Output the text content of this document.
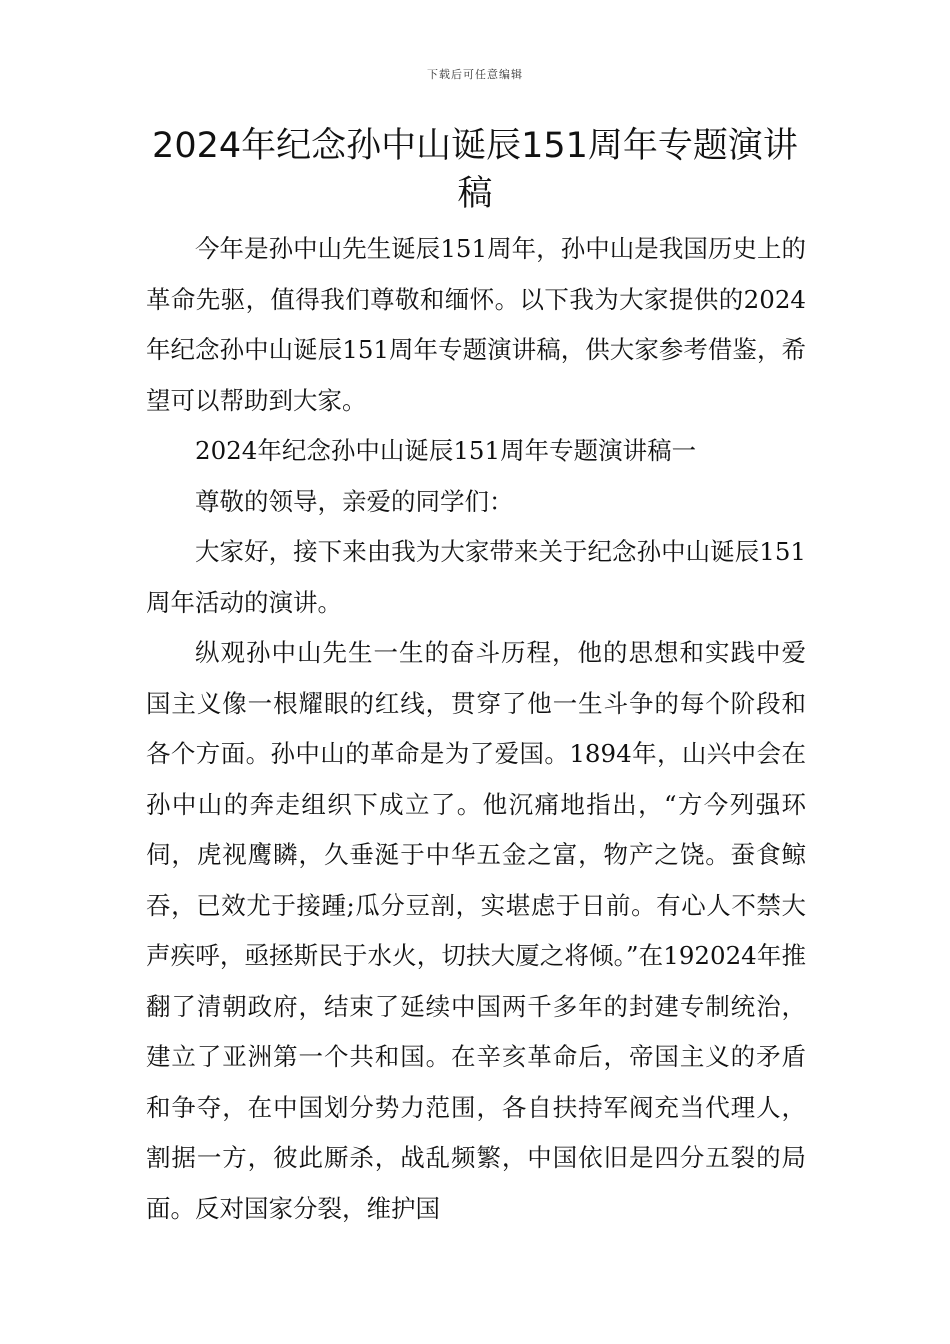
下载后可任意编辑
2024年纪念孙中山诞辰151周年专题演讲稿

今年是孙中山先生诞辰151周年，孙中山是我国历史上的革命先驱，值得我们尊敬和缅怀。以下我为大家提供的2024年纪念孙中山诞辰151周年专题演讲稿，供大家参考借鉴，希望可以帮助到大家。

2024年纪念孙中山诞辰151周年专题演讲稿一

尊敬的领导，亲爱的同学们：

大家好，接下来由我为大家带来关于纪念孙中山诞辰151周年活动的演讲。

纵观孙中山先生一生的奋斗历程，他的思想和实践中爱国主义像一根耀眼的红线，贯穿了他一生斗争的每个阶段和各个方面。孙中山的革命是为了爱国。1894年，山兴中会在孙中山的奔走组织下成立了。他沉痛地指出，“方今列强环伺，虎视鹰瞵，久垂涎于中华五金之富，物产之饶。蚕食鲸吞，已效尤于接踵;瓜分豆剖，实堪虑于日前。有心人不禁大声疾呼，亟拯斯民于水火，切扶大厦之将倾。”在192024年推翻了清朝政府，结束了延续中国两千多年的封建专制统治，建立了亚洲第一个共和国。在辛亥革命后，帝国主义的矛盾和争夺，在中国划分势力范围，各自扶持军阀充当代理人，割据一方，彼此厮杀，战乱频繁，中国依旧是四分五裂的局面。反对国家分裂，维护国
